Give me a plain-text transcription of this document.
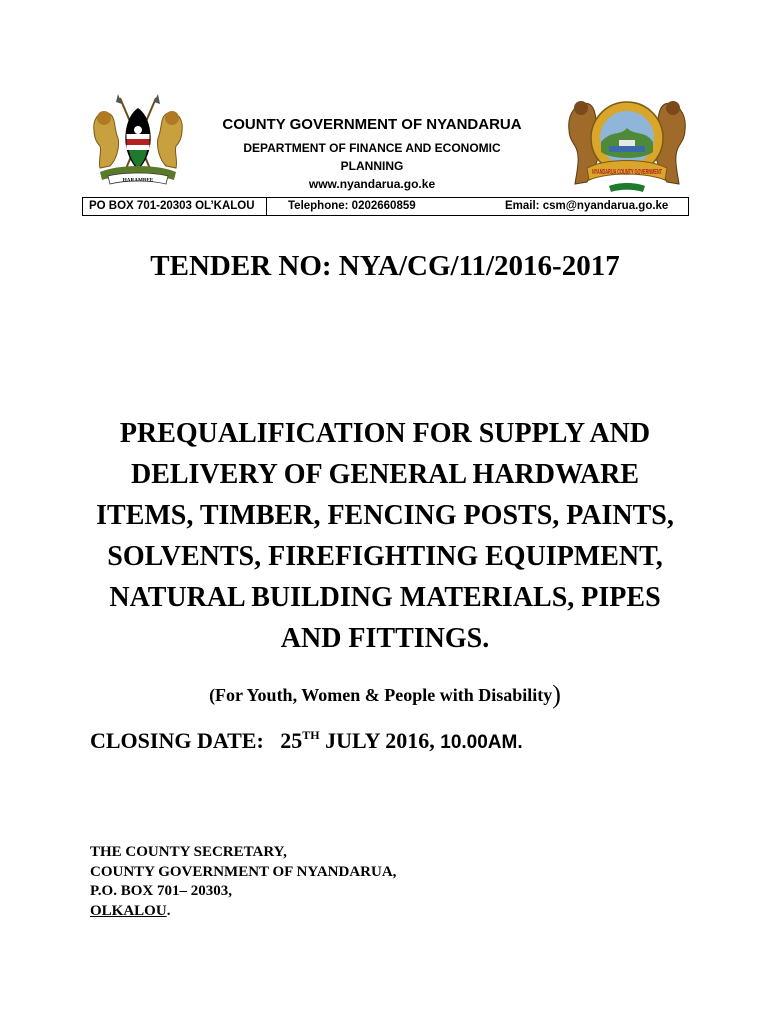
HARAMBEE
NYANDARUA COUNTY GOVERNMENT
COUNTY GOVERNMENT OF NYANDARUA
DEPARTMENT OF FINANCE AND ECONOMIC PLANNING
www.nyandarua.go.ke
PO BOX 701-20303 OL’KALOU	Telephone: 0202660859	Email: csm@nyandarua.go.ke
TENDER NO: NYA/CG/11/2016-2017
PREQUALIFICATION FOR SUPPLY AND DELIVERY OF GENERAL HARDWARE ITEMS, TIMBER, FENCING POSTS, PAINTS, SOLVENTS, FIREFIGHTING EQUIPMENT, NATURAL BUILDING MATERIALS, PIPES AND FITTINGS.
(For Youth, Women & People with Disability)
CLOSING DATE: 25TH JULY 2016, 10.00AM.
THE COUNTY SECRETARY,
COUNTY GOVERNMENT OF NYANDARUA,
P.O. BOX 701– 20303,
OLKALOU.
